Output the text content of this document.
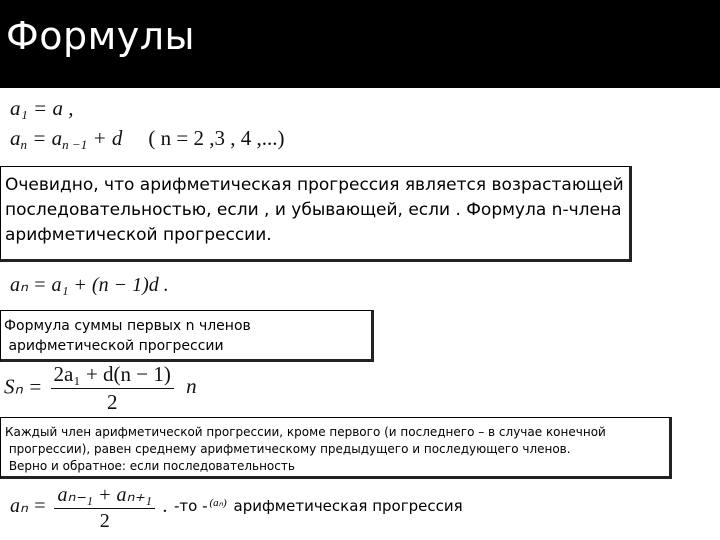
Формулы
a₁ = a ,
$a_n = a_{n -1} + d$ ( n = 2 ,3 , 4 ,...)

Очевидно, что арифметическая прогрессия является возрастающей последовательностью, если , и убывающей, если . Формула n-члена арифметической прогрессии.

aₙ = a₁ + (n − 1)d .

Формула суммы первых n членов
арифметической прогрессии

$S_n = \frac{\text{2a₁ + d(n − 1)}}{2}$ n

Каждый член арифметической прогрессии, кроме первого (и последнего – в случае конечной
прогрессии), равен среднему арифметическому предыдущего и последующего членов.
Верно и обратное: если последовательность

$a_n = \frac{\text{aₙ₋₁ + aₙ₊₁}}{2}$ . -то - $^{(a_n)}$ арифметическая прогрессия
